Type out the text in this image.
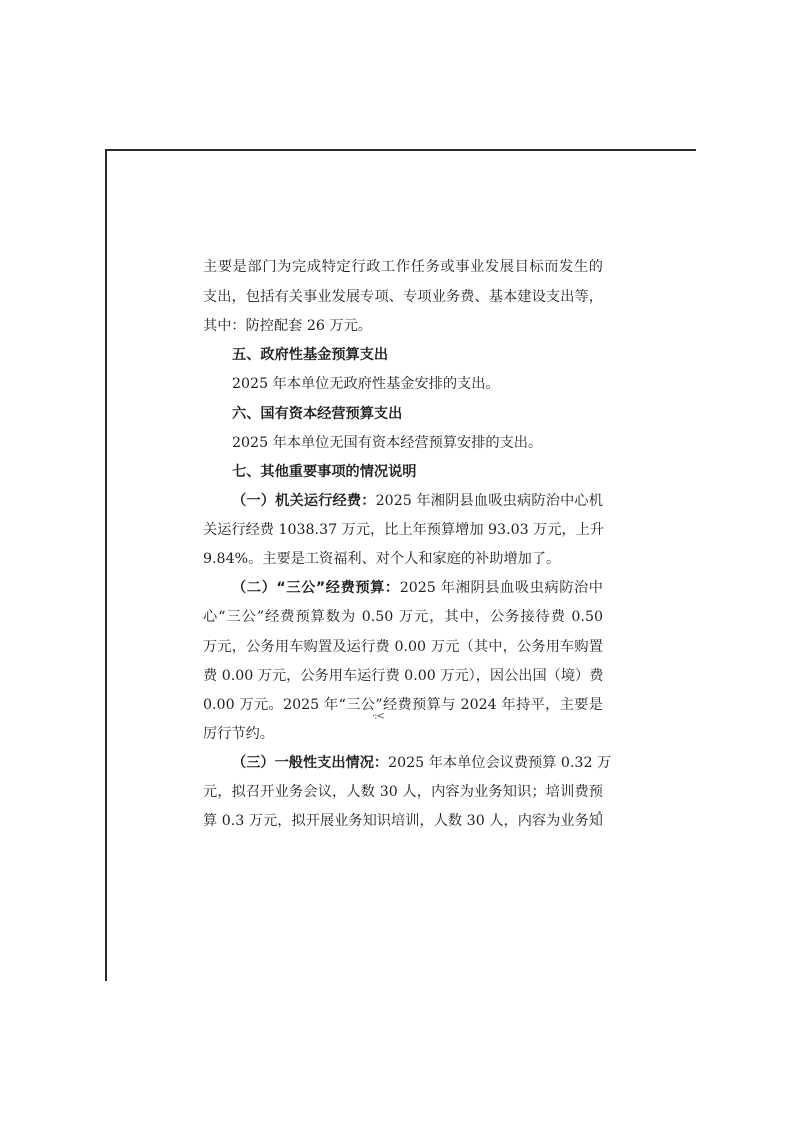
·:<
主要是部门为完成特定行政工作任务或事业发展目标而发生的
支出，包括有关事业发展专项、专项业务费、基本建设支出等，
其中：防控配套 26 万元。
五、政府性基金预算支出
2025 年本单位无政府性基金安排的支出。
六、国有资本经营预算支出
2025 年本单位无国有资本经营预算安排的支出。
七、其他重要事项的情况说明
（一）机关运行经费：2025 年湘阴县血吸虫病防治中心机
关运行经费 1038.37 万元，比上年预算增加 93.03 万元，上升
9.84%。主要是工资福利、对个人和家庭的补助增加了。
（二）“三公”经费预算：2025 年湘阴县血吸虫病防治中
心“三公”经费预算数为 0.50 万元，其中，公务接待费 0.50
万元，公务用车购置及运行费 0.00 万元（其中，公务用车购置
费 0.00 万元，公务用车运行费 0.00 万元），因公出国（境）费
0.00 万元。2025 年“三公”经费预算与 2024 年持平，主要是
厉行节约。
（三）一般性支出情况：2025 年本单位会议费预算 0.32 万
元，拟召开业务会议，人数 30 人，内容为业务知识；培训费预
算 0.3 万元，拟开展业务知识培训，人数 30 人，内容为业务知
